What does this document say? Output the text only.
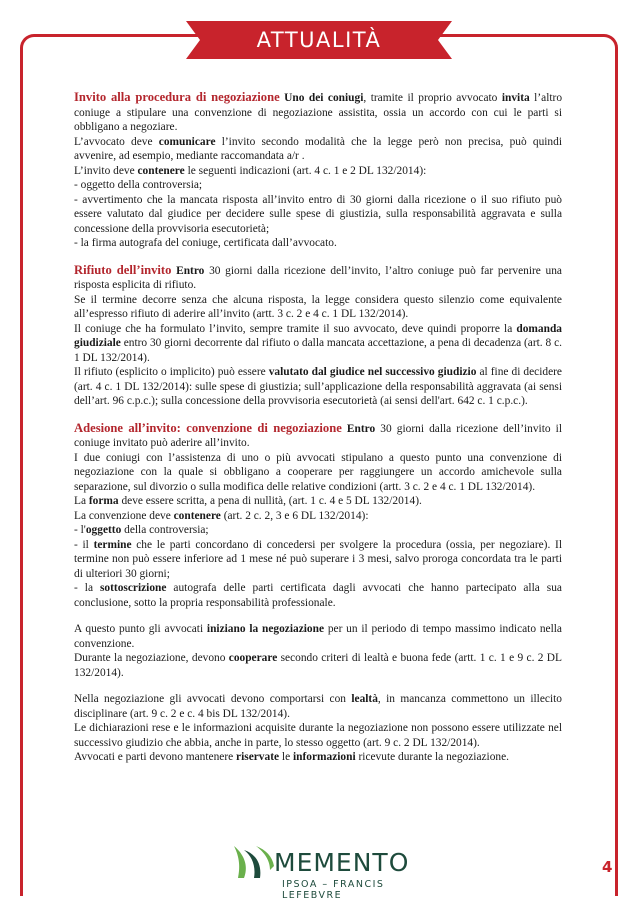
ATTUALITÀ
Invito alla procedura di negoziazione Uno dei coniugi, tramite il proprio avvocato invita l’altro coniuge a stipulare una convenzione di negoziazione assistita, ossia un accordo con cui le parti si obbligano a negoziare.
L’avvocato deve comunicare l’invito secondo modalità che la legge però non precisa, può quindi avvenire, ad esempio, mediante raccomandata a/r .
L’invito deve contenere le seguenti indicazioni (art. 4 c. 1 e 2 DL 132/2014):
- oggetto della controversia;
- avvertimento che la mancata risposta all’invito entro di 30 giorni dalla ricezione o il suo rifiuto può essere valutato dal giudice per decidere sulle spese di giustizia, sulla responsabilità aggravata e sulla concessione della provvisoria esecutorietà;
- la firma autografa del coniuge, certificata dall’avvocato.
Rifiuto dell’invito Entro 30 giorni dalla ricezione dell’invito, l’altro coniuge può far pervenire una risposta esplicita di rifiuto.
Se il termine decorre senza che alcuna risposta, la legge considera questo silenzio come equivalente all’espresso rifiuto di aderire all’invito (artt. 3 c. 2 e 4 c. 1 DL 132/2014).
Il coniuge che ha formulato l’invito, sempre tramite il suo avvocato, deve quindi proporre la domanda giudiziale entro 30 giorni decorrente dal rifiuto o dalla mancata accettazione, a pena di decadenza (art. 8 c. 1 DL 132/2014).
Il rifiuto (esplicito o implicito) può essere valutato dal giudice nel successivo giudizio al fine di decidere (art. 4 c. 1 DL 132/2014): sulle spese di giustizia; sull’applicazione della responsabilità aggravata (ai sensi dell’art. 96 c.p.c.); sulla concessione della provvisoria esecutorietà (ai sensi dell'art. 642 c. 1 c.p.c.).
Adesione all’invito: convenzione di negoziazione Entro 30 giorni dalla ricezione dell’invito il coniuge invitato può aderire all’invito.
I due coniugi con l’assistenza di uno o più avvocati stipulano a questo punto una convenzione di negoziazione con la quale si obbligano a cooperare per raggiungere un accordo amichevole sulla separazione, sul divorzio o sulla modifica delle relative condizioni (artt. 3 c. 2 e 4 c. 1 DL 132/2014).
La forma deve essere scritta, a pena di nullità, (art. 1 c. 4 e 5 DL 132/2014).
La convenzione deve contenere (art. 2 c. 2, 3 e 6 DL 132/2014):
- l'oggetto della controversia;
- il termine che le parti concordano di concedersi per svolgere la procedura (ossia, per negoziare). Il termine non può essere inferiore ad 1 mese né può superare i 3 mesi, salvo proroga concordata tra le parti di ulteriori 30 giorni;
- la sottoscrizione autografa delle parti certificata dagli avvocati che hanno partecipato alla sua conclusione, sotto la propria responsabilità professionale.
A questo punto gli avvocati iniziano la negoziazione per un il periodo di tempo massimo indicato nella convenzione.
Durante la negoziazione, devono cooperare secondo criteri di lealtà e buona fede (artt. 1 c. 1 e 9 c. 2 DL 132/2014).
Nella negoziazione gli avvocati devono comportarsi con lealtà, in mancanza commettono un illecito disciplinare (art. 9 c. 2 e c. 4 bis DL 132/2014).
Le dichiarazioni rese e le informazioni acquisite durante la negoziazione non possono essere utilizzate nel successivo giudizio che abbia, anche in parte, lo stesso oggetto (art. 9 c. 2 DL 132/2014).
Avvocati e parti devono mantenere riservate le informazioni ricevute durante la negoziazione.
MEMENTO
IPSOA – FRANCIS LEFEBVRE
4
